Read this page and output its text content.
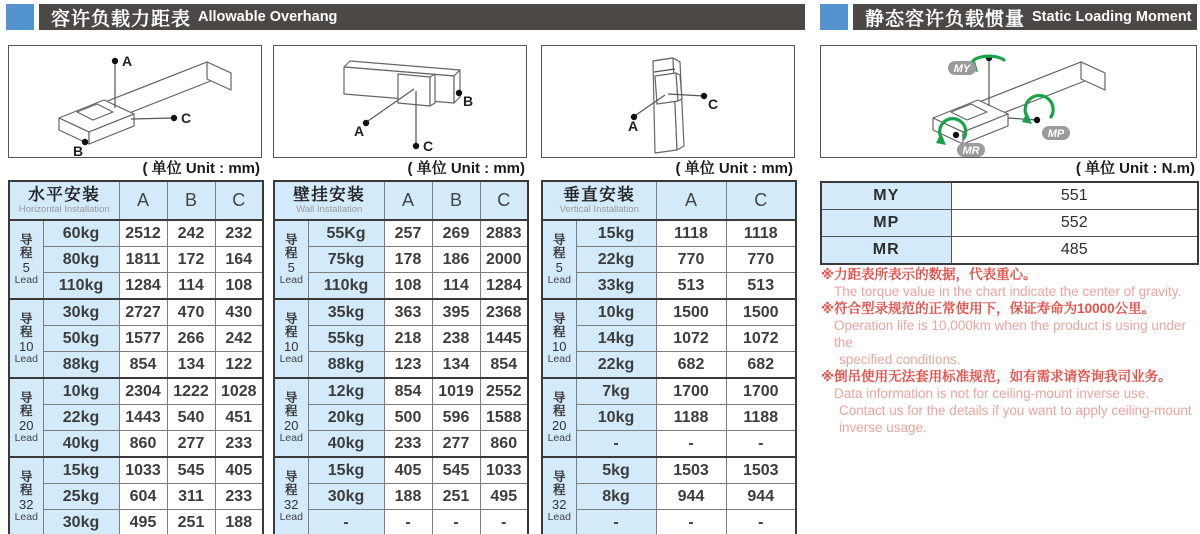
容许负载力距表 Allowable Overhang	静态容许负载惯量 Static Loading Moment
A
B
C
( 单位 Unit : mm)
水平安装
Horizontal Installation		A	B	C

导
程
5
Lead	60kg	2512	242	232
	80kg	1811	172	164
	110kg	1284	114	108

导
程
10
Lead	30kg	2727	470	430
	50kg	1577	266	242
	88kg	854	134	122

导
程
20
Lead	10kg	2304	1222	1028
	22kg	1443	540	451
	40kg	860	277	233

导
程
32
Lead	15kg	1033	545	405
	25kg	604	311	233
	30kg	495	251	188
A
C
B
( 单位 Unit : mm)
壁挂安装
Wall Installation		A	B	C

导
程
5
Lead	55Kg	257	269	2883
	75kg	178	186	2000
	110kg	108	114	1284

导
程
10
Lead	35kg	363	395	2368
	55kg	218	238	1445
	88kg	123	134	854

导
程
20
Lead	12kg	854	1019	2552
	20kg	500	596	1588
	40kg	233	277	860

导
程
32
Lead	15kg	405	545	1033
	30kg	188	251	495
	-	-	-	-
A
C
( 单位 Unit : mm)
垂直安装
Vertical Installation		A	C

导
程
5
Lead	15kg	1118	1118
	22kg	770	770
	33kg	513	513

导
程
10
Lead	10kg	1500	1500
	14kg	1072	1072
	22kg	682	682

导
程
20
Lead	7kg	1700	1700
	10kg	1188	1188
	-	-	-

导
程
32
Lead	5kg	1503	1503
	8kg	944	944
	-	-	-
MY
MP
MR
( 单位 Unit : N.m)
MY	551
MP	552
MR	485
※力距表所表示的数据，代表重心。
The torque value in the chart indicate the center of gravity.
※符合型录规范的正常使用下，保证寿命为10000公里。
Operation life is 10,000km when the product is using under the
specified conditions.
※倒吊使用无法套用标准规范，如有需求请咨询我司业务。
Data information is not for ceiling-mount inverse use.
Contact us for the details if you want to apply ceiling-mount
inverse usage.
